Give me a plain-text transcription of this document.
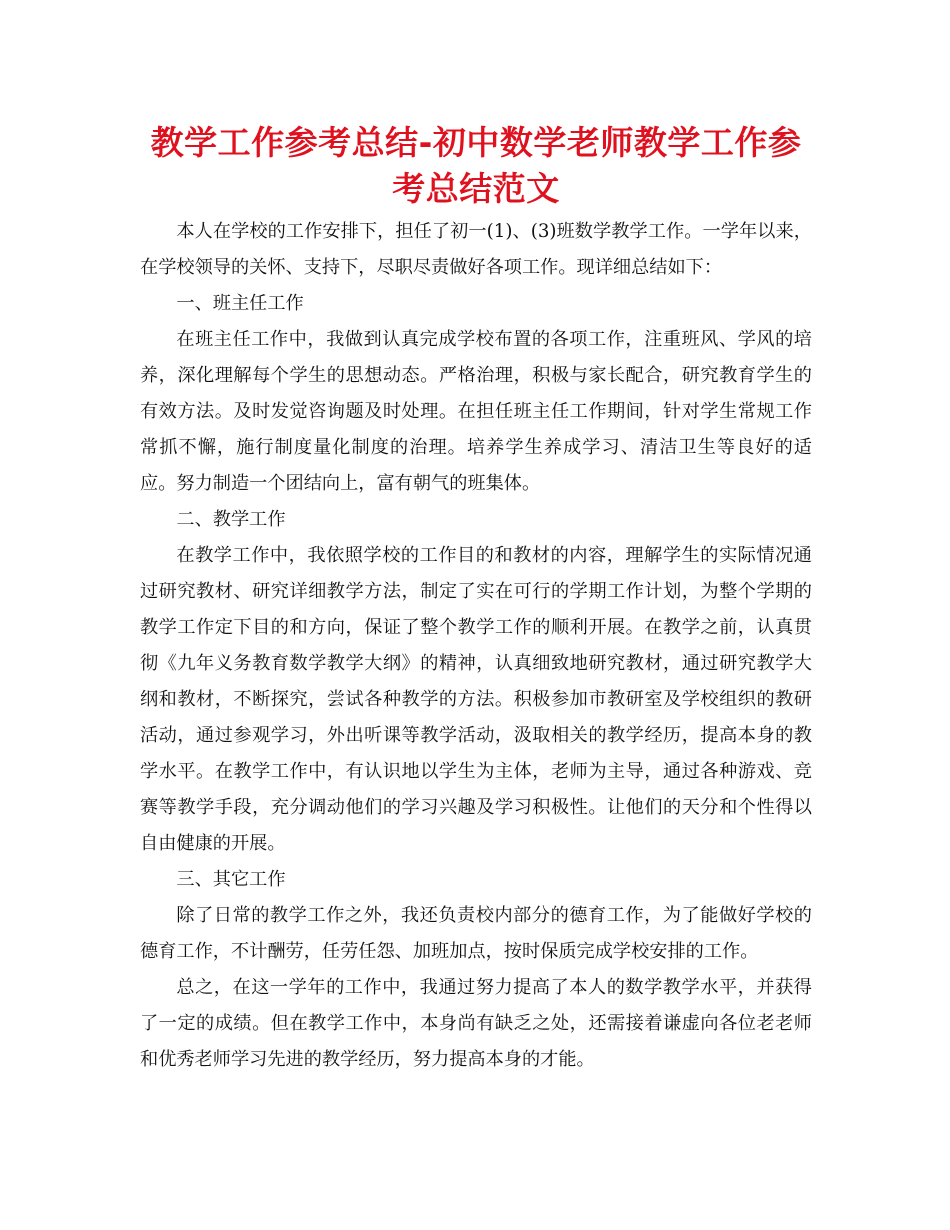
教学工作参考总结-初中数学老师教学工作参考总结范文

本人在学校的工作安排下，担任了初一(1)、(3)班数学教学工作。一学年以来，在学校领导的关怀、支持下，尽职尽责做好各项工作。现详细总结如下：

一、班主任工作

在班主任工作中，我做到认真完成学校布置的各项工作，注重班风、学风的培养，深化理解每个学生的思想动态。严格治理，积极与家长配合，研究教育学生的有效方法。及时发觉咨询题及时处理。在担任班主任工作期间，针对学生常规工作常抓不懈，施行制度量化制度的治理。培养学生养成学习、清洁卫生等良好的适应。努力制造一个团结向上，富有朝气的班集体。

二、教学工作

在教学工作中，我依照学校的工作目的和教材的内容，理解学生的实际情况通过研究教材、研究详细教学方法，制定了实在可行的学期工作计划，为整个学期的教学工作定下目的和方向，保证了整个教学工作的顺利开展。在教学之前，认真贯彻《九年义务教育数学教学大纲》的精神，认真细致地研究教材，通过研究教学大纲和教材，不断探究，尝试各种教学的方法。积极参加市教研室及学校组织的教研活动，通过参观学习，外出听课等教学活动，汲取相关的教学经历，提高本身的教学水平。在教学工作中，有认识地以学生为主体，老师为主导，通过各种游戏、竞赛等教学手段，充分调动他们的学习兴趣及学习积极性。让他们的天分和个性得以自由健康的开展。

三、其它工作

除了日常的教学工作之外，我还负责校内部分的德育工作，为了能做好学校的德育工作，不计酬劳，任劳任怨、加班加点，按时保质完成学校安排的工作。

总之，在这一学年的工作中，我通过努力提高了本人的数学教学水平，并获得了一定的成绩。但在教学工作中，本身尚有缺乏之处，还需接着谦虚向各位老老师和优秀老师学习先进的教学经历，努力提高本身的才能。
